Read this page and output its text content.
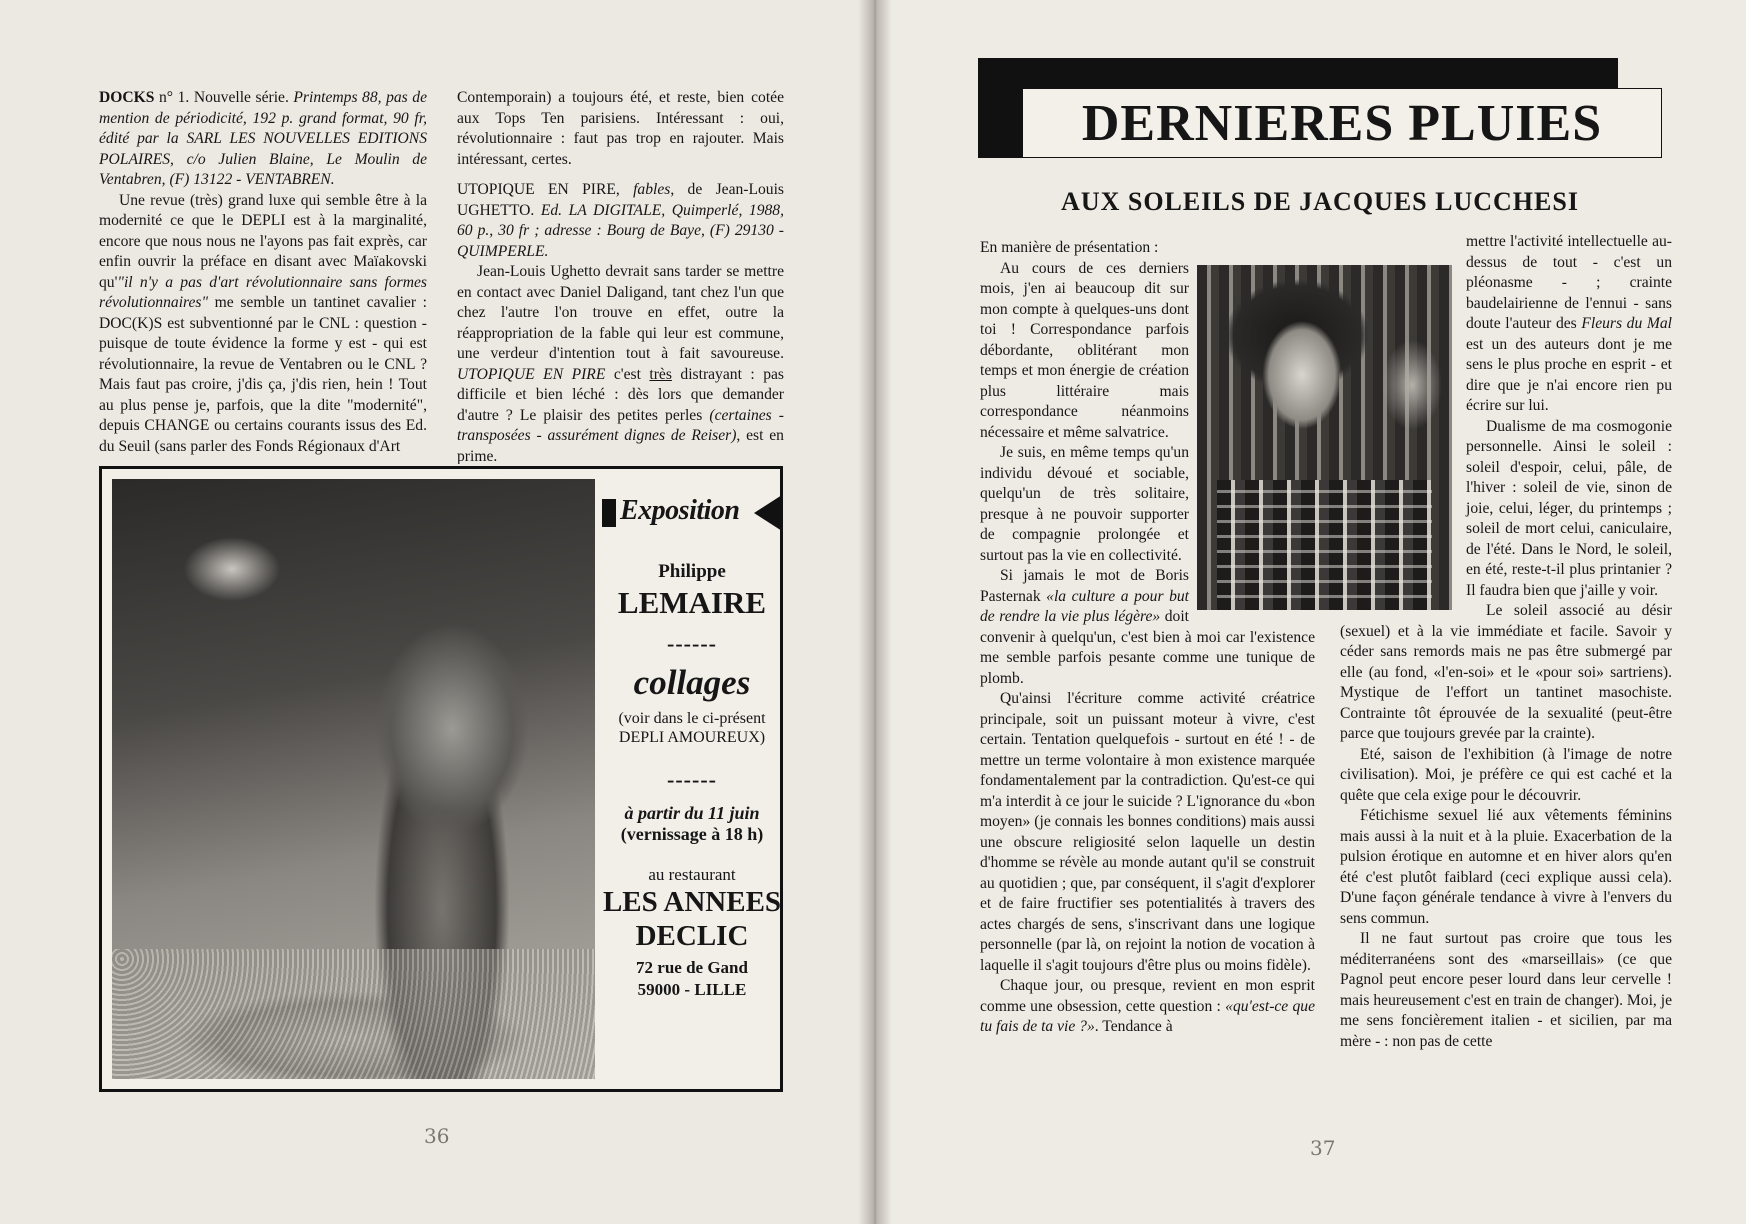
DOCKS n° 1. Nouvelle série. Printemps 88, pas de mention de périodicité, 192 p. grand format, 90 fr, édité par la SARL LES NOUVELLES EDITIONS POLAIRES, c/o Julien Blaine, Le Moulin de Ventabren, (F) 13122 - VENTABREN.

Une revue (très) grand luxe qui semble être à la modernité ce que le DEPLI est à la marginalité, encore que nous nous ne l'ayons pas fait exprès, car enfin ouvrir la préface en disant avec Maïakovski qu'"il n'y a pas d'art révolutionnaire sans formes révolutionnaires" me semble un tantinet cavalier : DOC(K)S est subventionné par le CNL : question - puisque de toute évidence la forme y est - qui est révolutionnaire, la revue de Ventabren ou le CNL ? Mais faut pas croire, j'dis ça, j'dis rien, hein ! Tout au plus pense je, parfois, que la dite "modernité", depuis CHANGE ou certains courants issus des Ed. du Seuil (sans parler des Fonds Régionaux d'Art

Contemporain) a toujours été, et reste, bien cotée aux Tops Ten parisiens. Intéressant : oui, révolutionnaire : faut pas trop en rajouter. Mais intéressant, certes.

UTOPIQUE EN PIRE, fables, de Jean-Louis UGHETTO. Ed. LA DIGITALE, Quimperlé, 1988, 60 p., 30 fr ; adresse : Bourg de Baye, (F) 29130 - QUIMPERLE.

Jean-Louis Ughetto devrait sans tarder se mettre en contact avec Daniel Daligand, tant chez l'un que chez l'autre l'on trouve en effet, outre la réappropriation de la fable qui leur est commune, une verdeur d'intention tout à fait savoureuse. UTOPIQUE EN PIRE c'est très distrayant : pas difficile et bien léché : dès lors que demander d'autre ? Le plaisir des petites perles (certaines - transposées - assurément dignes de Reiser), est en prime.

Exposition
Philippe
LEMAIRE
------
collages
(voir dans le ci-présent DEPLI AMOUREUX)
------
à partir du 11 juin
(vernissage à 18 h)
au restaurant
LES ANNEES
DECLIC
72 rue de Gand
59000 - LILLE
36
DERNIERES PLUIES
AUX SOLEILS DE JACQUES LUCCHESI

En manière de présentation :

Au cours de ces derniers mois, j'en ai beaucoup dit sur mon compte à quelques-uns dont toi ! Correspondance parfois débordante, oblitérant mon temps et mon énergie de création plus littéraire mais correspondance néanmoins nécessaire et même salvatrice.

Je suis, en même temps qu'un individu dévoué et sociable, quelqu'un de très solitaire, presque à ne pouvoir supporter de compagnie prolongée et surtout pas la vie en collectivité.

Si jamais le mot de Boris Pasternak «la culture a pour but de rendre la vie plus légère» doit convenir à quelqu'un, c'est bien à moi car l'existence me semble parfois pesante comme une tunique de plomb.

Qu'ainsi l'écriture comme activité créatrice principale, soit un puissant moteur à vivre, c'est certain. Tentation quelquefois - surtout en été ! - de mettre un terme volontaire à mon existence marquée fondamentalement par la contradiction. Qu'est-ce qui m'a interdit à ce jour le suicide ? L'ignorance du «bon moyen» (je connais les bonnes conditions) mais aussi une obscure religiosité selon laquelle un destin d'homme se révèle au monde autant qu'il se construit au quotidien ; que, par conséquent, il s'agit d'explorer et de faire fructifier ses potentialités à travers des actes chargés de sens, s'inscrivant dans une logique personnelle (par là, on rejoint la notion de vocation à laquelle il s'agit toujours d'être plus ou moins fidèle).

Chaque jour, ou presque, revient en mon esprit comme une obsession, cette question : «qu'est-ce que tu fais de ta vie ?». Tendance à

mettre l'activité intellectuelle au-dessus de tout - c'est un pléonasme - ; crainte baudelairienne de l'ennui - sans doute l'auteur des Fleurs du Mal est un des auteurs dont je me sens le plus proche en esprit - et dire que je n'ai encore rien pu écrire sur lui.

Dualisme de ma cosmogonie personnelle. Ainsi le soleil : soleil d'espoir, celui, pâle, de l'hiver : soleil de vie, sinon de joie, celui, léger, du printemps ; soleil de mort celui, caniculaire, de l'été. Dans le Nord, le soleil, en été, reste-t-il plus printanier ? Il faudra bien que j'aille y voir.

Le soleil associé au désir (sexuel) et à la vie immédiate et facile. Savoir y céder sans remords mais ne pas être submergé par elle (au fond, «l'en-soi» et le «pour soi» sartriens). Mystique de l'effort un tantinet masochiste. Contrainte tôt éprouvée de la sexualité (peut-être parce que toujours grevée par la crainte).

Eté, saison de l'exhibition (à l'image de notre civilisation). Moi, je préfère ce qui est caché et la quête que cela exige pour le découvrir.

Fétichisme sexuel lié aux vêtements féminins mais aussi à la nuit et à la pluie. Exacerbation de la pulsion érotique en automne et en hiver alors qu'en été c'est plutôt faiblard (ceci explique aussi cela). D'une façon générale tendance à vivre à l'envers du sens commun.

Il ne faut surtout pas croire que tous les méditerranéens sont des «marseillais» (ce que Pagnol peut encore peser lourd dans leur cervelle ! mais heureusement c'est en train de changer). Moi, je me sens foncièrement italien - et sicilien, par ma mère - : non pas de cette

37
